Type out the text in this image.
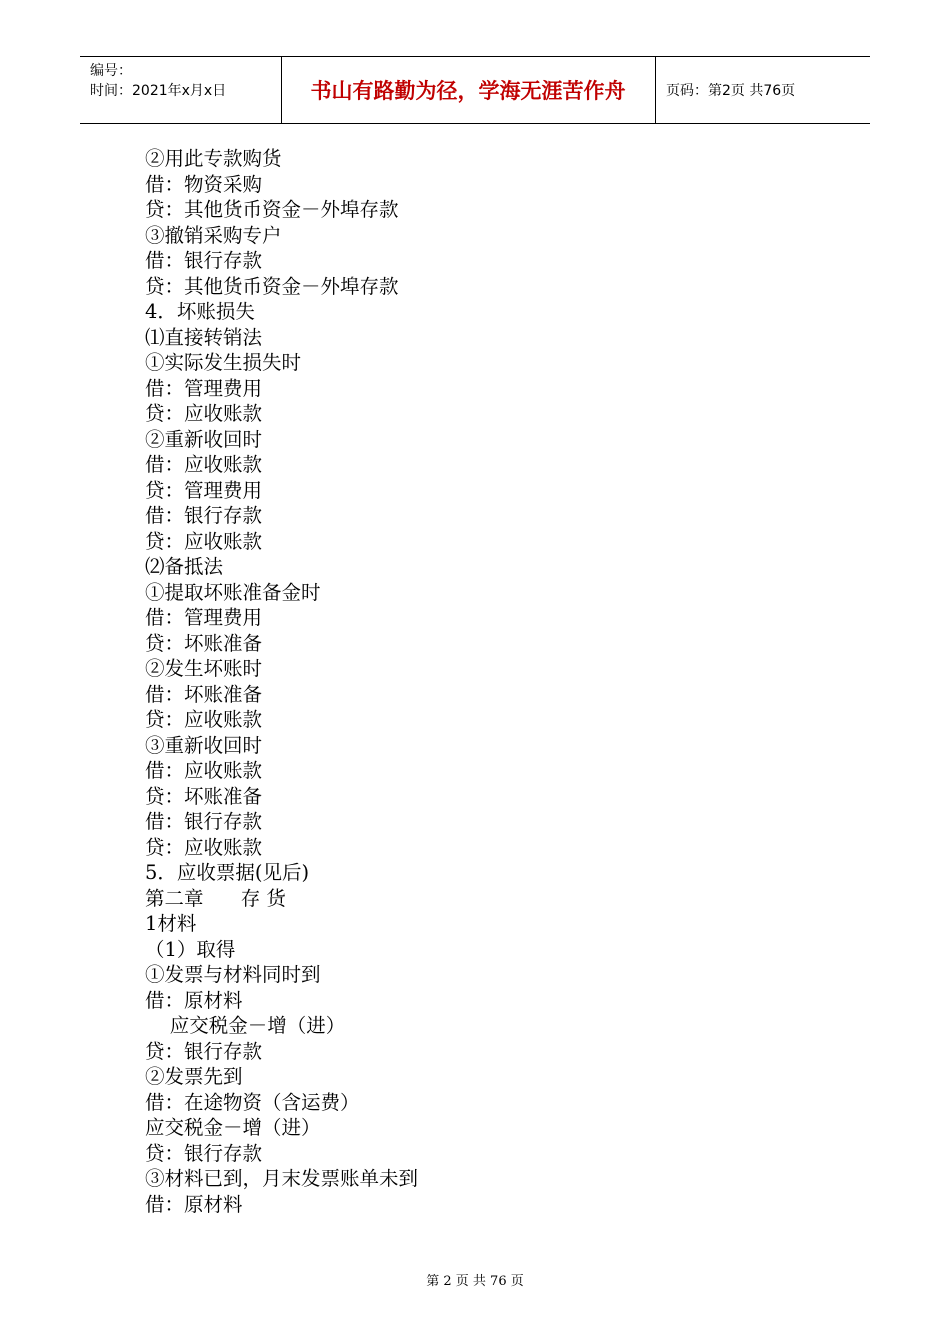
编号：
时间：2021年x月x日	书山有路勤为径，学海无涯苦作舟	页码：第2页 共76页
②用此专款购货
借：物资采购
贷：其他货币资金－外埠存款
③撤销采购专户
借：银行存款
贷：其他货币资金－外埠存款
4．坏账损失
⑴直接转销法
①实际发生损失时
借：管理费用
贷：应收账款
②重新收回时
借：应收账款
贷：管理费用
借：银行存款
贷：应收账款
⑵备抵法
①提取坏账准备金时
借：管理费用
贷：坏账准备
②发生坏账时
借：坏账准备
贷：应收账款
③重新收回时
借：应收账款
贷：坏账准备
借：银行存款
贷：应收账款
5．应收票据(见后)
第二章      存 货
1材料
（1）取得
①发票与材料同时到
借：原材料
应交税金－增（进）
贷：银行存款
②发票先到
借：在途物资（含运费）
应交税金－增（进）
贷：银行存款
③材料已到，月末发票账单未到
借：原材料
第 2 页 共 76 页
